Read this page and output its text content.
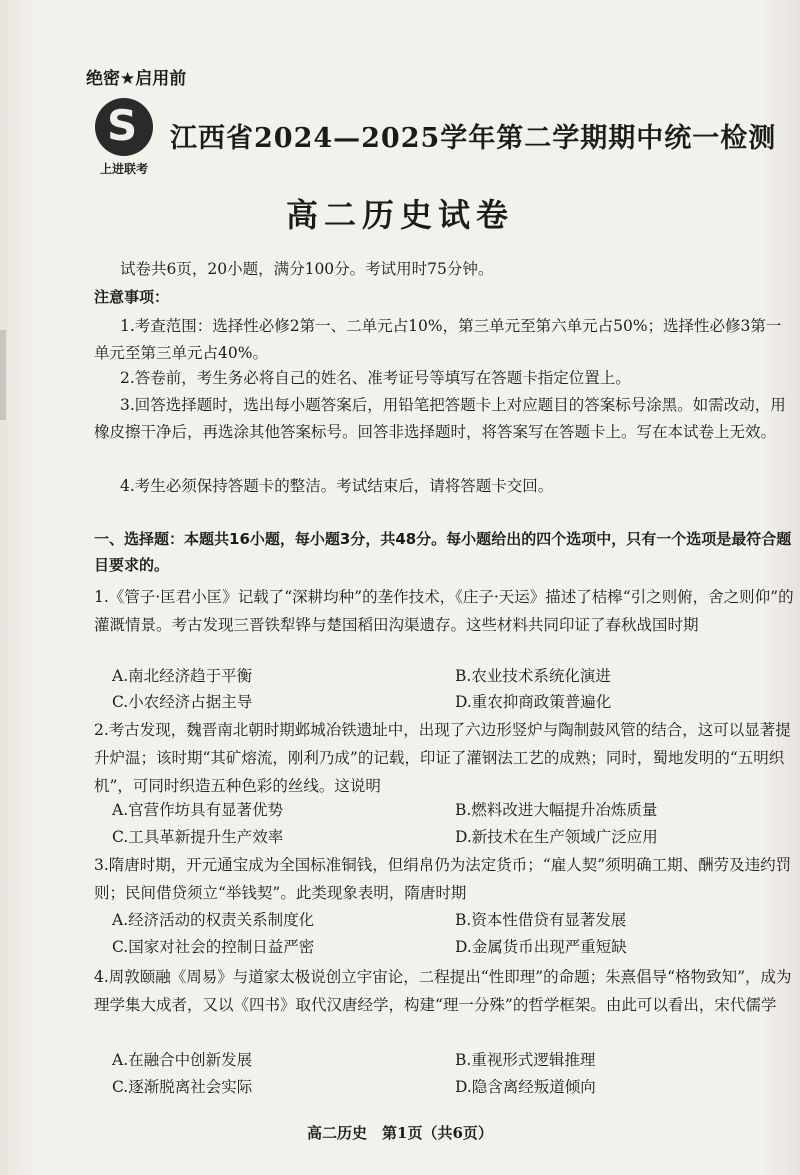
绝密★启用前
S
上进联考
江西省2024—2025学年第二学期期中统一检测
高二历史试卷
试卷共6页，20小题，满分100分。考试用时75分钟。
注意事项：
1.考查范围：选择性必修2第一、二单元占10%，第三单元至第六单元占50%；选择性必修3第一单元至第三单元占40%。
2.答卷前，考生务必将自己的姓名、准考证号等填写在答题卡指定位置上。
3.回答选择题时，选出每小题答案后，用铅笔把答题卡上对应题目的答案标号涂黑。如需改动，用橡皮擦干净后，再选涂其他答案标号。回答非选择题时，将答案写在答题卡上。写在本试卷上无效。
4.考生必须保持答题卡的整洁。考试结束后，请将答题卡交回。
一、选择题：本题共16小题，每小题3分，共48分。每小题给出的四个选项中，只有一个选项是最符合题目要求的。
1.《管子·匡君小匡》记载了“深耕均种”的垄作技术，《庄子·天运》描述了桔槔“引之则俯，舍之则仰”的灌溉情景。考古发现三晋铁犁铧与楚国稻田沟渠遗存。这些材料共同印证了春秋战国时期
A.南北经济趋于平衡	B.农业技术系统化演进
C.小农经济占据主导	D.重农抑商政策普遍化
2.考古发现，魏晋南北朝时期邺城冶铁遗址中，出现了六边形竖炉与陶制鼓风管的结合，这可以显著提升炉温；该时期“其矿熔流，刚利乃成”的记载，印证了灌钢法工艺的成熟；同时，蜀地发明的“五明织机”，可同时织造五种色彩的丝线。这说明
A.官营作坊具有显著优势	B.燃料改进大幅提升冶炼质量
C.工具革新提升生产效率	D.新技术在生产领域广泛应用
3.隋唐时期，开元通宝成为全国标准铜钱，但绢帛仍为法定货币；“雇人契”须明确工期、酬劳及违约罚则；民间借贷须立“举钱契”。此类现象表明，隋唐时期
A.经济活动的权责关系制度化	B.资本性借贷有显著发展
C.国家对社会的控制日益严密	D.金属货币出现严重短缺
4.周敦颐融《周易》与道家太极说创立宇宙论，二程提出“性即理”的命题；朱熹倡导“格物致知”，成为理学集大成者，又以《四书》取代汉唐经学，构建“理一分殊”的哲学框架。由此可以看出，宋代儒学
A.在融合中创新发展	B.重视形式逻辑推理
C.逐渐脱离社会实际	D.隐含离经叛道倾向
高二历史　第1页（共6页）
